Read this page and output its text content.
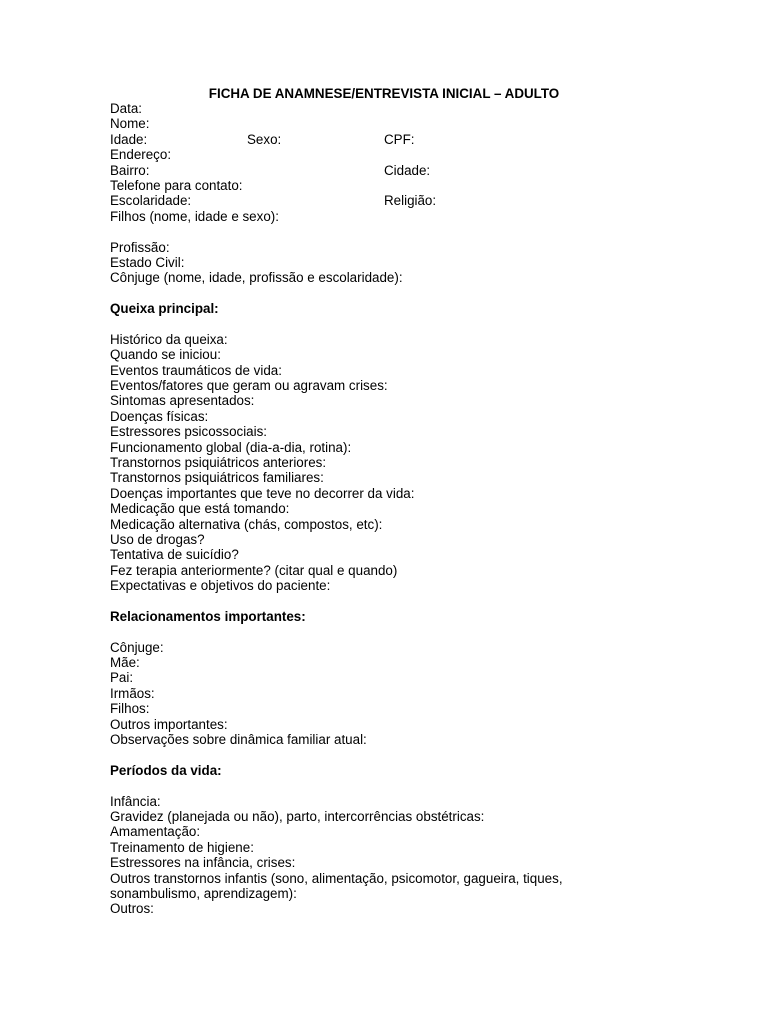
FICHA DE ANAMNESE/ENTREVISTA INICIAL – ADULTO
Data:
Nome:
Idade:	Sexo:	CPF:
Endereço:
Bairro:	Cidade:
Telefone para contato:
Escolaridade:	Religião:
Filhos (nome, idade e sexo):
Profissão:
Estado Civil:
Cônjuge (nome, idade, profissão e escolaridade):
Queixa principal:
Histórico da queixa:
Quando se iniciou:
Eventos traumáticos de vida:
Eventos/fatores que geram ou agravam crises:
Sintomas apresentados:
Doenças físicas:
Estressores psicossociais:
Funcionamento global (dia-a-dia, rotina):
Transtornos psiquiátricos anteriores:
Transtornos psiquiátricos familiares:
Doenças importantes que teve no decorrer da vida:
Medicação que está tomando:
Medicação alternativa (chás, compostos, etc):
Uso de drogas?
Tentativa de suicídio?
Fez terapia anteriormente? (citar qual e quando)
Expectativas e objetivos do paciente:
Relacionamentos importantes:
Cônjuge:
Mãe:
Pai:
Irmãos:
Filhos:
Outros importantes:
Observações sobre dinâmica familiar atual:
Períodos da vida:
Infância:
Gravidez (planejada ou não), parto, intercorrências obstétricas:
Amamentação:
Treinamento de higiene:
Estressores na infância, crises:
Outros transtornos infantis (sono, alimentação, psicomotor, gagueira, tiques, sonambulismo, aprendizagem):
Outros:
